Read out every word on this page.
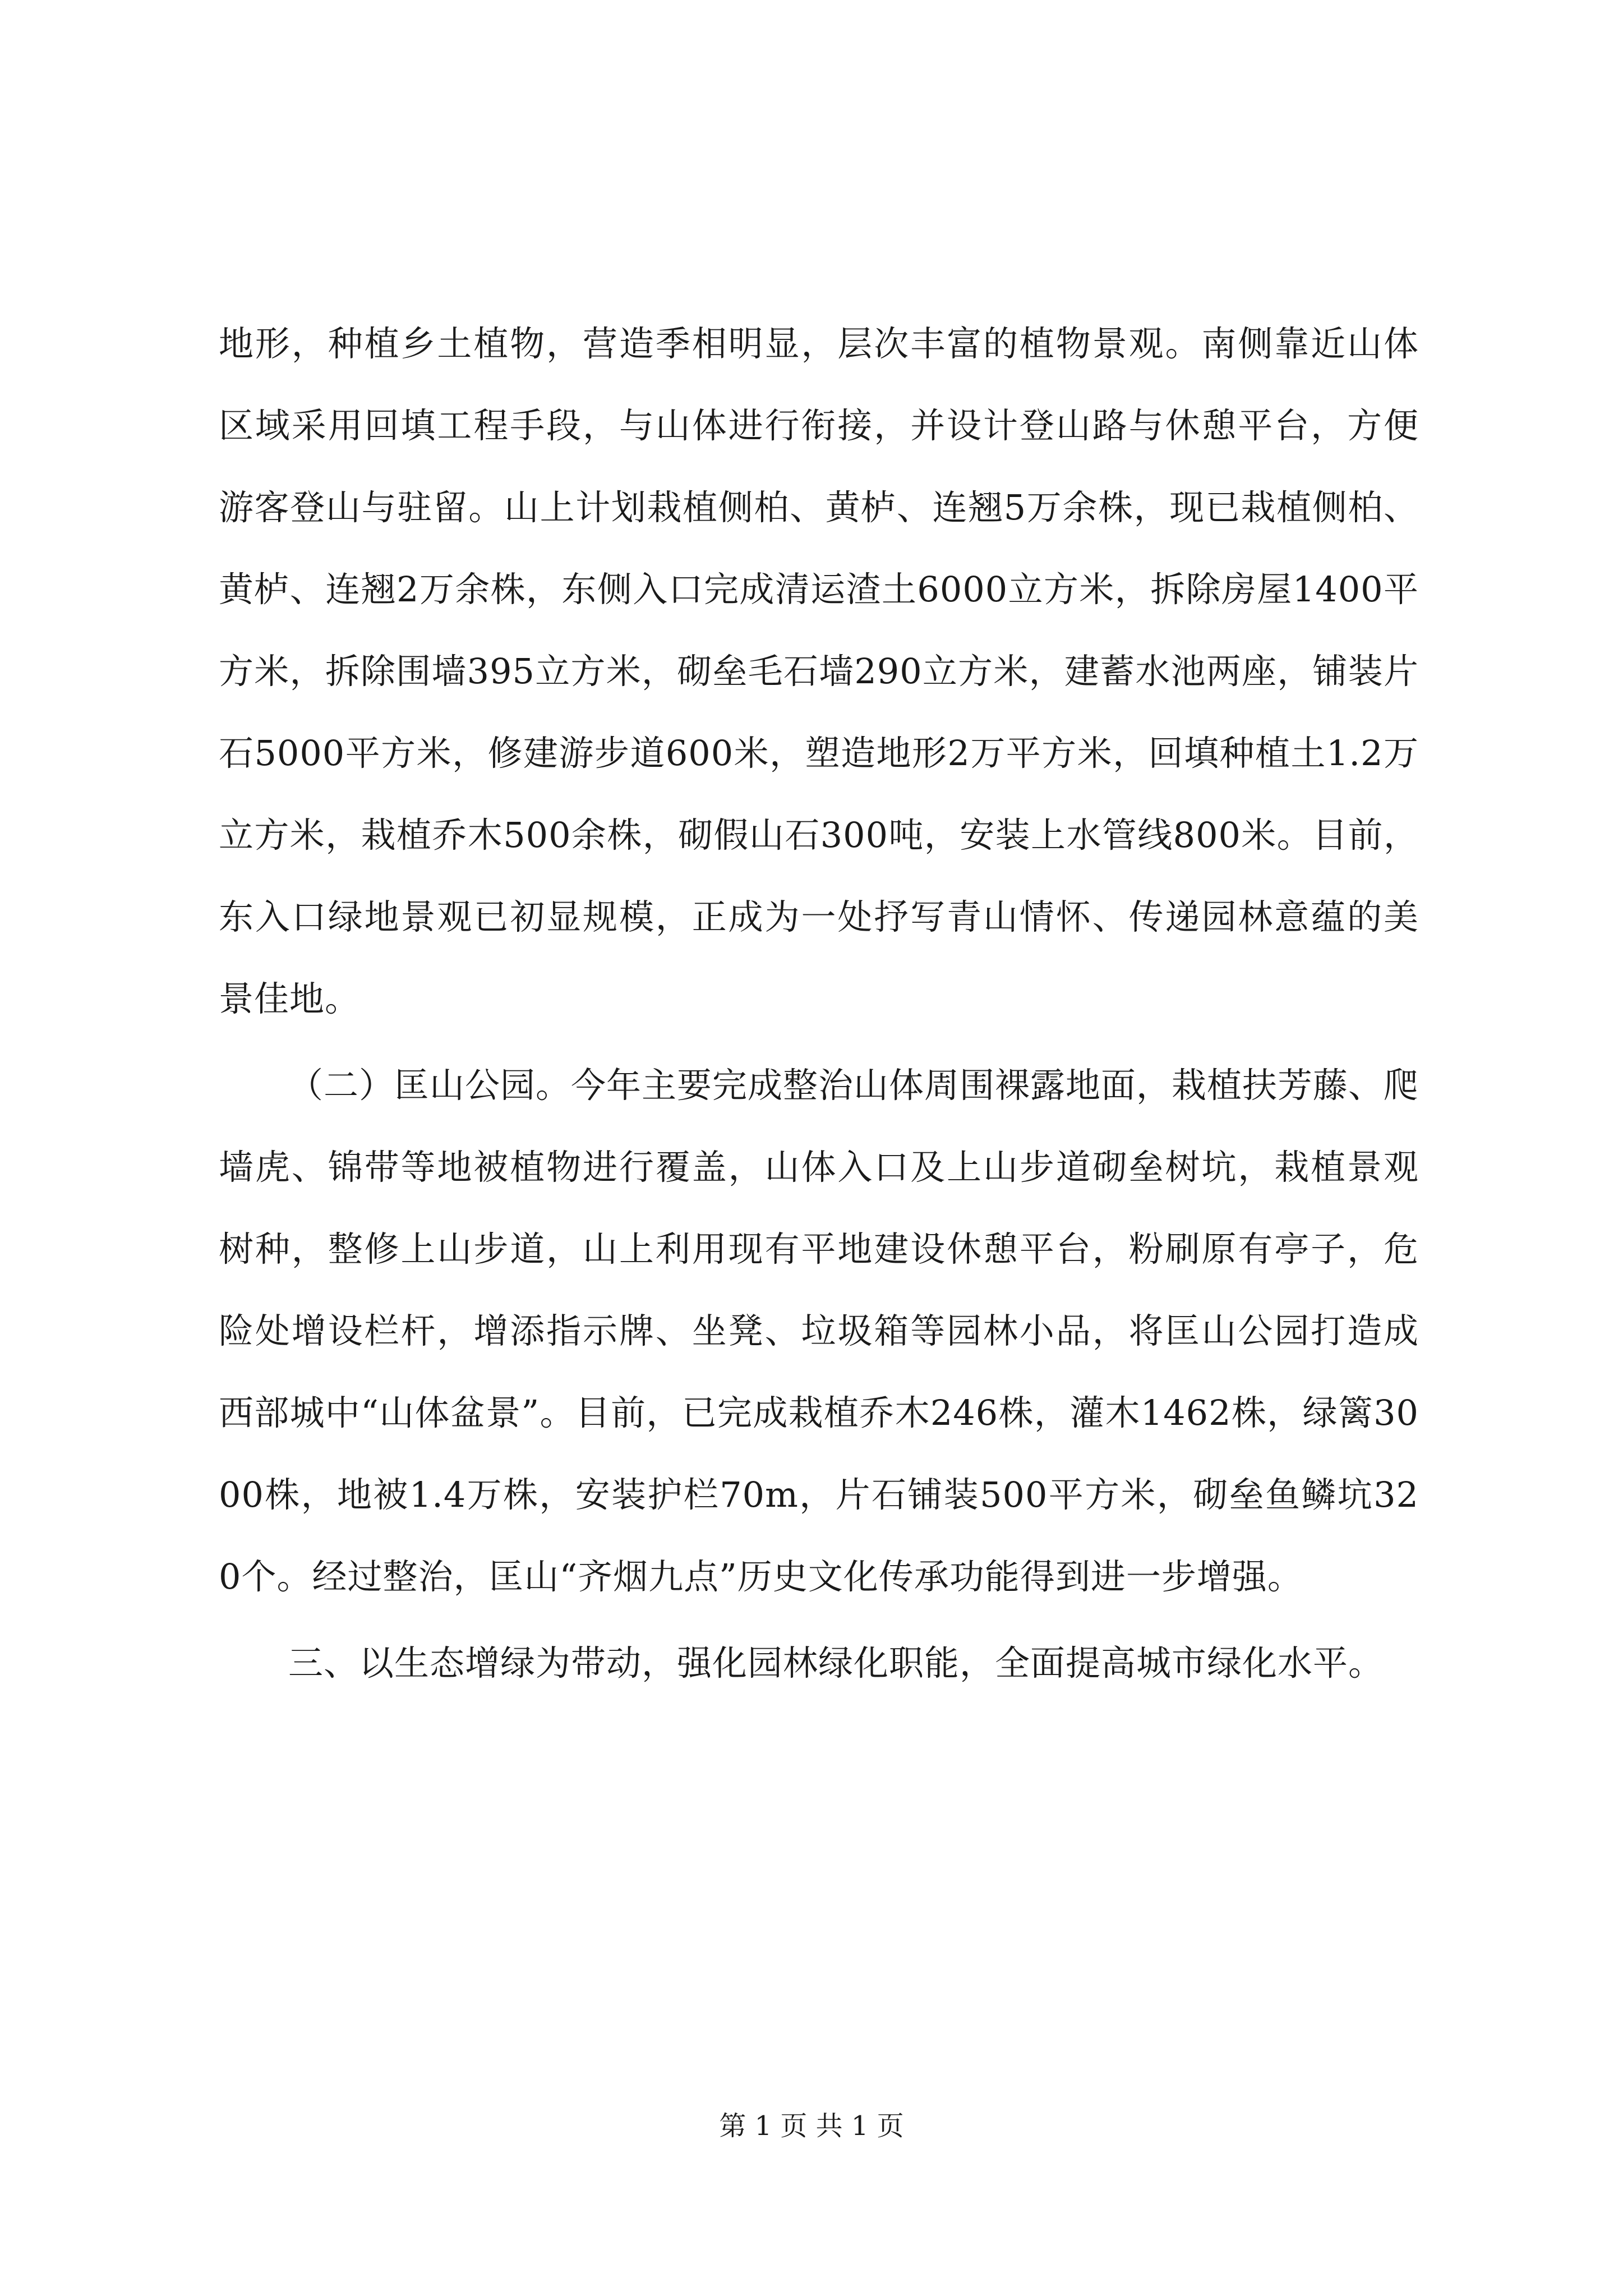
地形，种植乡土植物，营造季相明显，层次丰富的植物景观。南侧靠近山体区域采用回填工程手段，与山体进行衔接，并设计登山路与休憩平台，方便游客登山与驻留。山上计划栽植侧柏、黄栌、连翘5万余株，现已栽植侧柏、黄栌、连翘2万余株，东侧入口完成清运渣土6000立方米，拆除房屋1400平方米，拆除围墙395立方米，砌垒毛石墙290立方米，建蓄水池两座，铺装片石5000平方米，修建游步道600米，塑造地形2万平方米，回填种植土1.2万立方米，栽植乔木500余株，砌假山石300吨，安装上水管线800米。目前，东入口绿地景观已初显规模，正成为一处抒写青山情怀、传递园林意蕴的美景佳地。

（二）匡山公园。今年主要完成整治山体周围裸露地面，栽植扶芳藤、爬墙虎、锦带等地被植物进行覆盖，山体入口及上山步道砌垒树坑，栽植景观树种，整修上山步道，山上利用现有平地建设休憩平台，粉刷原有亭子，危险处增设栏杆，增添指示牌、坐凳、垃圾箱等园林小品，将匡山公园打造成西部城中“山体盆景”。目前，已完成栽植乔木246株，灌木1462株，绿篱3000株，地被1.4万株，安装护栏70m，片石铺装500平方米，砌垒鱼鳞坑320个。经过整治，匡山“齐烟九点”历史文化传承功能得到进一步增强。

三、以生态增绿为带动，强化园林绿化职能，全面提高城市绿化水平。

第 1 页 共 1 页
